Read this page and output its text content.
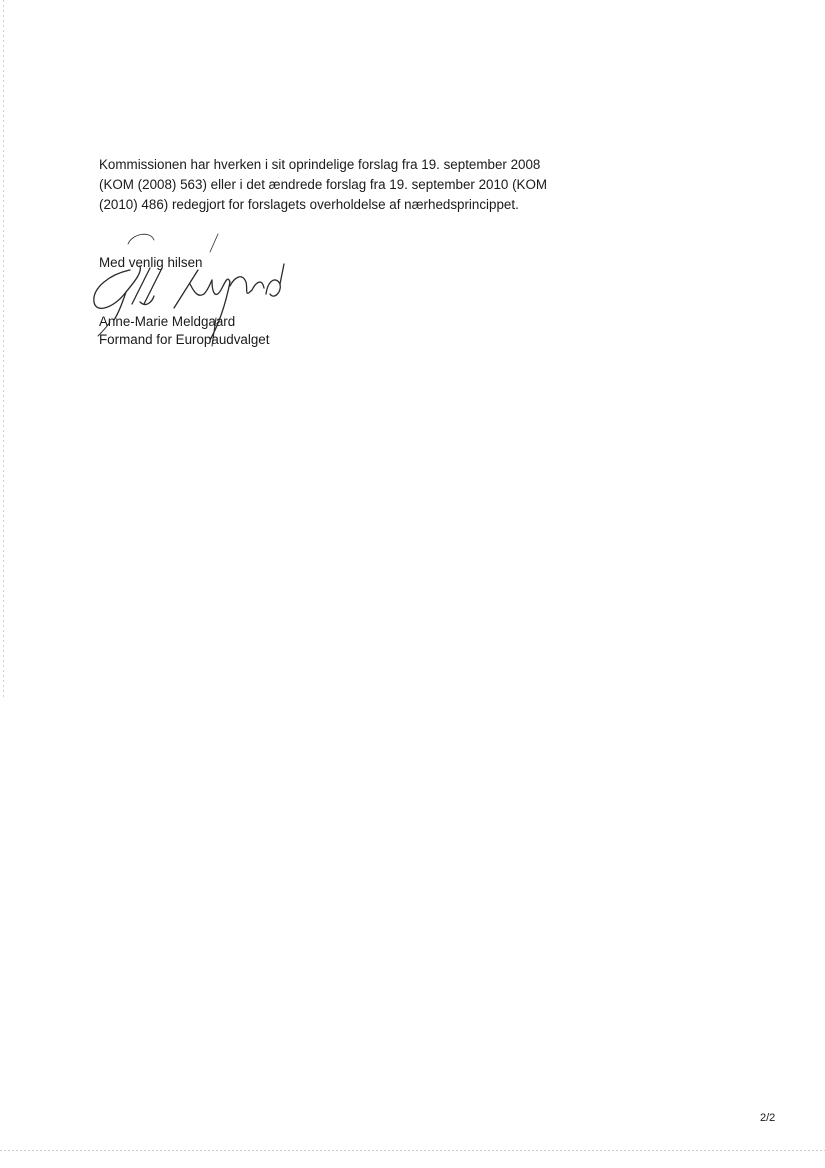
Kommissionen har hverken i sit oprindelige forslag fra 19. september 2008
(KOM (2008) 563) eller i det ændrede forslag fra 19. september 2010 (KOM
(2010) 486) redegjort for forslagets overholdelse af nærhedsprincippet.

Med venlig hilsen

Anne-Marie Meldgaard

Formand for Europaudvalget

2/2
